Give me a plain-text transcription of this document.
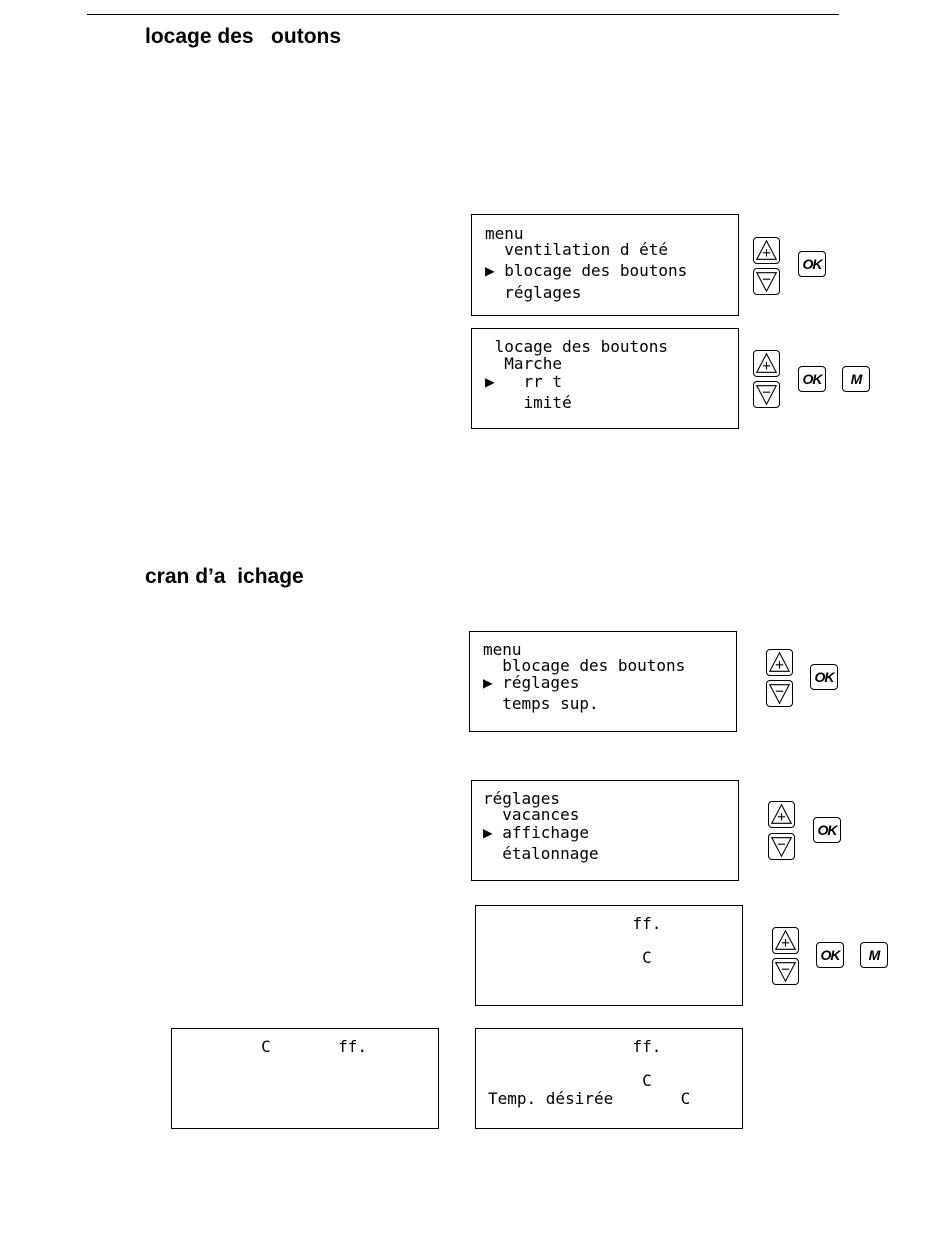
locage des   outons
menu
ventilation d été
▶ blocage des boutons
réglages
OK
locage des boutons
Marche
▶   rr t
imité
OK	M
cran d’a  ichage
menu
blocage des boutons
▶ réglages
temps sup.
OK
réglages
vacances
▶ affichage
étalonnage
OK
ff.
C	OK	M
C       ff.	ff.
C
Temp. désirée       C
